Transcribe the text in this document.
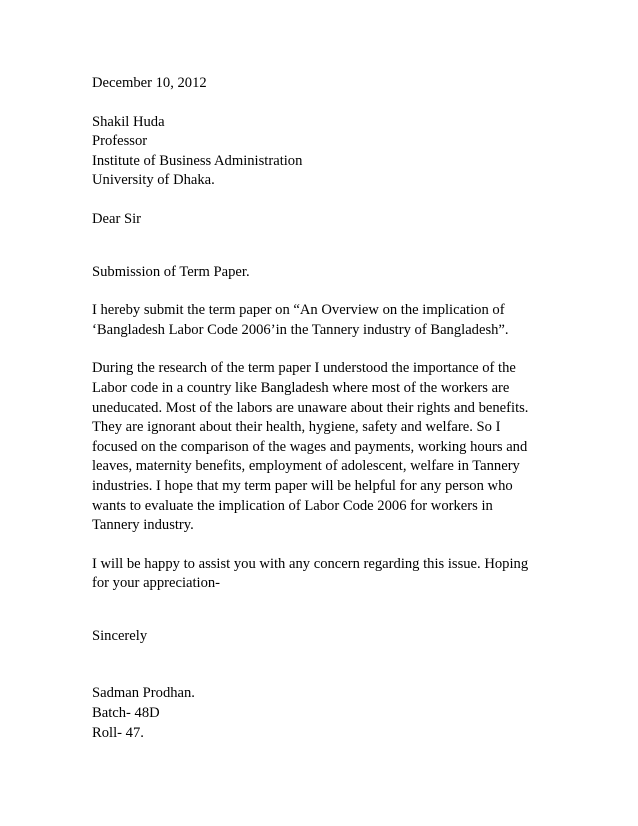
December 10, 2012
Shakil Huda
Professor
Institute of Business Administration
University of Dhaka.
Dear Sir
Submission of Term Paper.
I hereby submit the term paper on “An Overview on the implication of
‘Bangladesh Labor Code 2006’in the Tannery industry of Bangladesh”.
During the research of the term paper I understood the importance of the
Labor code in a country like Bangladesh where most of the workers are
uneducated. Most of the labors are unaware about their rights and benefits.
They are ignorant about their health, hygiene, safety and welfare. So I
focused on the comparison of the wages and payments, working hours and
leaves, maternity benefits, employment of adolescent, welfare in Tannery
industries. I hope that my term paper will be helpful for any person who
wants to evaluate the implication of Labor Code 2006 for workers in
Tannery industry.
I will be happy to assist you with any concern regarding this issue. Hoping
for your appreciation-
Sincerely
Sadman Prodhan.
Batch- 48D
Roll- 47.
